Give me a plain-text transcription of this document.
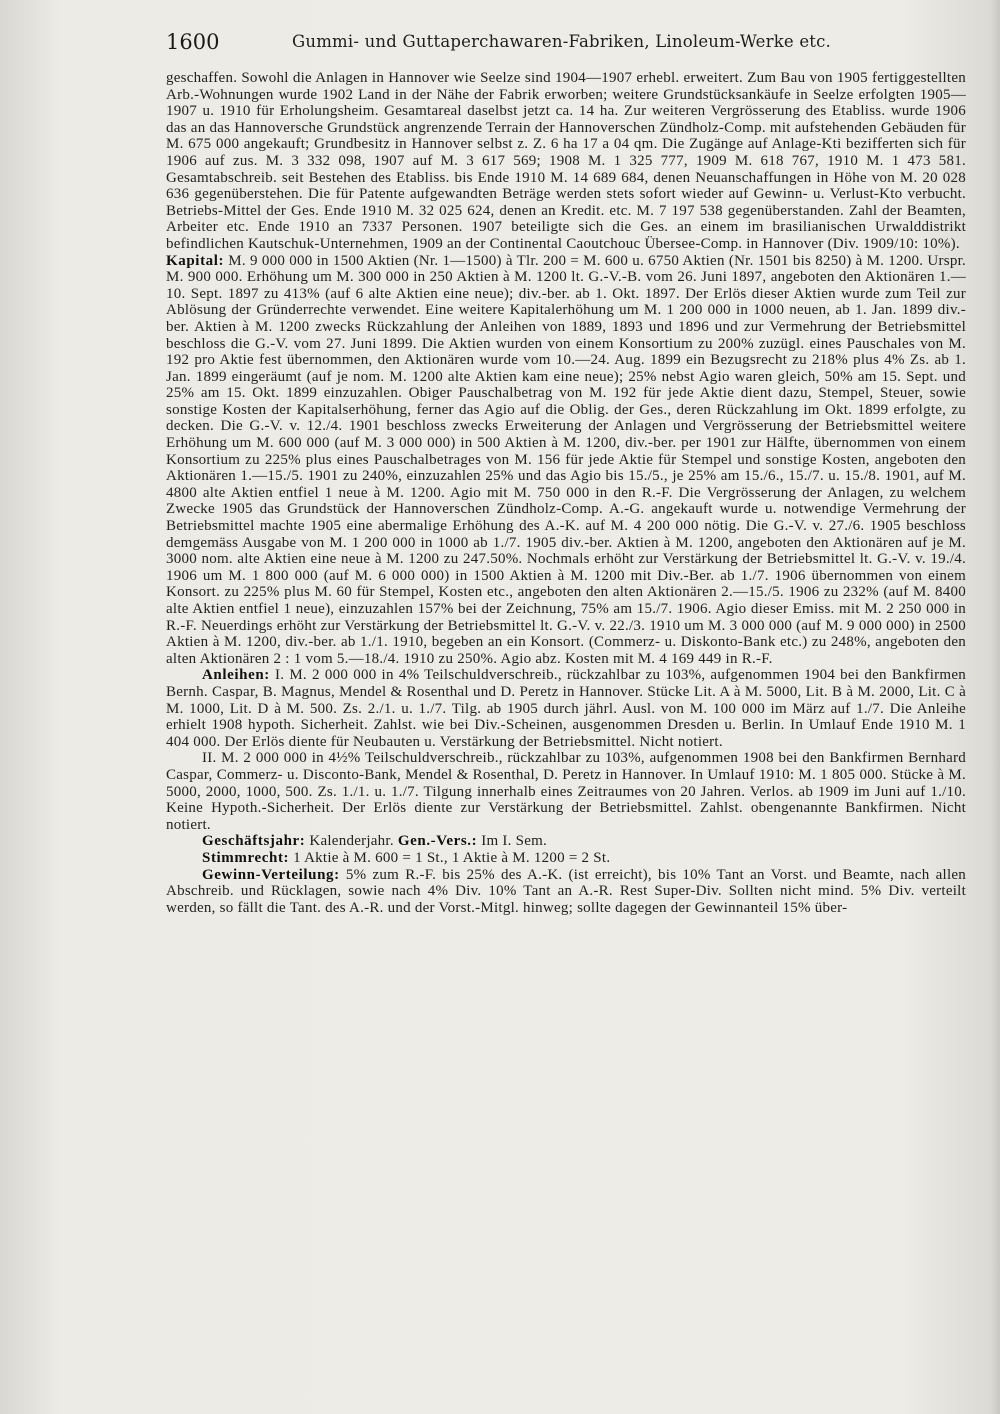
1600	Gummi- und Guttaperchawaren-Fabriken, Linoleum-Werke etc.

geschaffen. Sowohl die Anlagen in Hannover wie Seelze sind 1904—1907 erhebl. erweitert. Zum Bau von 1905 fertiggestellten Arb.-Wohnungen wurde 1902 Land in der Nähe der Fabrik erworben; weitere Grundstücksankäufe in Seelze erfolgten 1905—1907 u. 1910 für Erholungsheim. Gesamtareal daselbst jetzt ca. 14 ha. Zur weiteren Vergrösserung des Etabliss. wurde 1906 das an das Hannoversche Grundstück angrenzende Terrain der Hannoverschen Zündholz-Comp. mit aufstehenden Gebäuden für M. 675 000 angekauft; Grundbesitz in Hannover selbst z. Z. 6 ha 17 a 04 qm. Die Zugänge auf Anlage-Kti bezifferten sich für 1906 auf zus. M. 3 332 098, 1907 auf M. 3 617 569; 1908 M. 1 325 777, 1909 M. 618 767, 1910 M. 1 473 581. Gesamtabschreib. seit Bestehen des Etabliss. bis Ende 1910 M. 14 689 684, denen Neuanschaffungen in Höhe von M. 20 028 636 gegenüberstehen. Die für Patente aufgewandten Beträge werden stets sofort wieder auf Gewinn- u. Verlust-Kto verbucht. Betriebs-Mittel der Ges. Ende 1910 M. 32 025 624, denen an Kredit. etc. M. 7 197 538 gegenüberstanden. Zahl der Beamten, Arbeiter etc. Ende 1910 an 7337 Personen. 1907 beteiligte sich die Ges. an einem im brasilianischen Urwalddistrikt befindlichen Kautschuk-Unternehmen, 1909 an der Continental Caoutchouc Übersee-Comp. in Hannover (Div. 1909/10: 10%).

Kapital: M. 9 000 000 in 1500 Aktien (Nr. 1—1500) à Tlr. 200 = M. 600 u. 6750 Aktien (Nr. 1501 bis 8250) à M. 1200. Urspr. M. 900 000. Erhöhung um M. 300 000 in 250 Aktien à M. 1200 lt. G.-V.-B. vom 26. Juni 1897, angeboten den Aktionären 1.—10. Sept. 1897 zu 413% (auf 6 alte Aktien eine neue); div.-ber. ab 1. Okt. 1897. Der Erlös dieser Aktien wurde zum Teil zur Ablösung der Gründerrechte verwendet. Eine weitere Kapitalerhöhung um M. 1 200 000 in 1000 neuen, ab 1. Jan. 1899 div.-ber. Aktien à M. 1200 zwecks Rückzahlung der Anleihen von 1889, 1893 und 1896 und zur Vermehrung der Betriebsmittel beschloss die G.-V. vom 27. Juni 1899. Die Aktien wurden von einem Konsortium zu 200% zuzügl. eines Pauschales von M. 192 pro Aktie fest übernommen, den Aktionären wurde vom 10.—24. Aug. 1899 ein Bezugsrecht zu 218% plus 4% Zs. ab 1. Jan. 1899 eingeräumt (auf je nom. M. 1200 alte Aktien kam eine neue); 25% nebst Agio waren gleich, 50% am 15. Sept. und 25% am 15. Okt. 1899 einzuzahlen. Obiger Pauschalbetrag von M. 192 für jede Aktie dient dazu, Stempel, Steuer, sowie sonstige Kosten der Kapitalserhöhung, ferner das Agio auf die Oblig. der Ges., deren Rückzahlung im Okt. 1899 erfolgte, zu decken. Die G.-V. v. 12./4. 1901 beschloss zwecks Erweiterung der Anlagen und Vergrösserung der Betriebsmittel weitere Erhöhung um M. 600 000 (auf M. 3 000 000) in 500 Aktien à M. 1200, div.-ber. per 1901 zur Hälfte, übernommen von einem Konsortium zu 225% plus eines Pauschalbetrages von M. 156 für jede Aktie für Stempel und sonstige Kosten, angeboten den Aktionären 1.—15./5. 1901 zu 240%, einzuzahlen 25% und das Agio bis 15./5., je 25% am 15./6., 15./7. u. 15./8. 1901, auf M. 4800 alte Aktien entfiel 1 neue à M. 1200. Agio mit M. 750 000 in den R.-F. Die Vergrösserung der Anlagen, zu welchem Zwecke 1905 das Grundstück der Hannoverschen Zündholz-Comp. A.-G. angekauft wurde u. notwendige Vermehrung der Betriebsmittel machte 1905 eine abermalige Erhöhung des A.-K. auf M. 4 200 000 nötig. Die G.-V. v. 27./6. 1905 beschloss demgemäss Ausgabe von M. 1 200 000 in 1000 ab 1./7. 1905 div.-ber. Aktien à M. 1200, angeboten den Aktionären auf je M. 3000 nom. alte Aktien eine neue à M. 1200 zu 247.50%. Nochmals erhöht zur Verstärkung der Betriebsmittel lt. G.-V. v. 19./4. 1906 um M. 1 800 000 (auf M. 6 000 000) in 1500 Aktien à M. 1200 mit Div.-Ber. ab 1./7. 1906 übernommen von einem Konsort. zu 225% plus M. 60 für Stempel, Kosten etc., angeboten den alten Aktionären 2.—15./5. 1906 zu 232% (auf M. 8400 alte Aktien entfiel 1 neue), einzuzahlen 157% bei der Zeichnung, 75% am 15./7. 1906. Agio dieser Emiss. mit M. 2 250 000 in R.-F. Neuerdings erhöht zur Verstärkung der Betriebsmittel lt. G.-V. v. 22./3. 1910 um M. 3 000 000 (auf M. 9 000 000) in 2500 Aktien à M. 1200, div.-ber. ab 1./1. 1910, begeben an ein Konsort. (Commerz- u. Diskonto-Bank etc.) zu 248%, angeboten den alten Aktionären 2 : 1 vom 5.—18./4. 1910 zu 250%. Agio abz. Kosten mit M. 4 169 449 in R.-F.

Anleihen: I. M. 2 000 000 in 4% Teilschuldverschreib., rückzahlbar zu 103%, aufgenommen 1904 bei den Bankfirmen Bernh. Caspar, B. Magnus, Mendel & Rosenthal und D. Peretz in Hannover. Stücke Lit. A à M. 5000, Lit. B à M. 2000, Lit. C à M. 1000, Lit. D à M. 500. Zs. 2./1. u. 1./7. Tilg. ab 1905 durch jährl. Ausl. von M. 100 000 im März auf 1./7. Die Anleihe erhielt 1908 hypoth. Sicherheit. Zahlst. wie bei Div.-Scheinen, ausgenommen Dresden u. Berlin. In Umlauf Ende 1910 M. 1 404 000. Der Erlös diente für Neubauten u. Verstärkung der Betriebsmittel. Nicht notiert.

II. M. 2 000 000 in 4½% Teilschuldverschreib., rückzahlbar zu 103%, aufgenommen 1908 bei den Bankfirmen Bernhard Caspar, Commerz- u. Disconto-Bank, Mendel & Rosenthal, D. Peretz in Hannover. In Umlauf 1910: M. 1 805 000. Stücke à M. 5000, 2000, 1000, 500. Zs. 1./1. u. 1./7. Tilgung innerhalb eines Zeitraumes von 20 Jahren. Verlos. ab 1909 im Juni auf 1./10. Keine Hypoth.-Sicherheit. Der Erlös diente zur Verstärkung der Betriebsmittel. Zahlst. obengenannte Bankfirmen. Nicht notiert.

Geschäftsjahr: Kalenderjahr. Gen.-Vers.: Im I. Sem.

Stimmrecht: 1 Aktie à M. 600 = 1 St., 1 Aktie à M. 1200 = 2 St.

Gewinn-Verteilung: 5% zum R.-F. bis 25% des A.-K. (ist erreicht), bis 10% Tant an Vorst. und Beamte, nach allen Abschreib. und Rücklagen, sowie nach 4% Div. 10% Tant an A.-R. Rest Super-Div. Sollten nicht mind. 5% Div. verteilt werden, so fällt die Tant. des A.-R. und der Vorst.-Mitgl. hinweg; sollte dagegen der Gewinnanteil 15% über-
